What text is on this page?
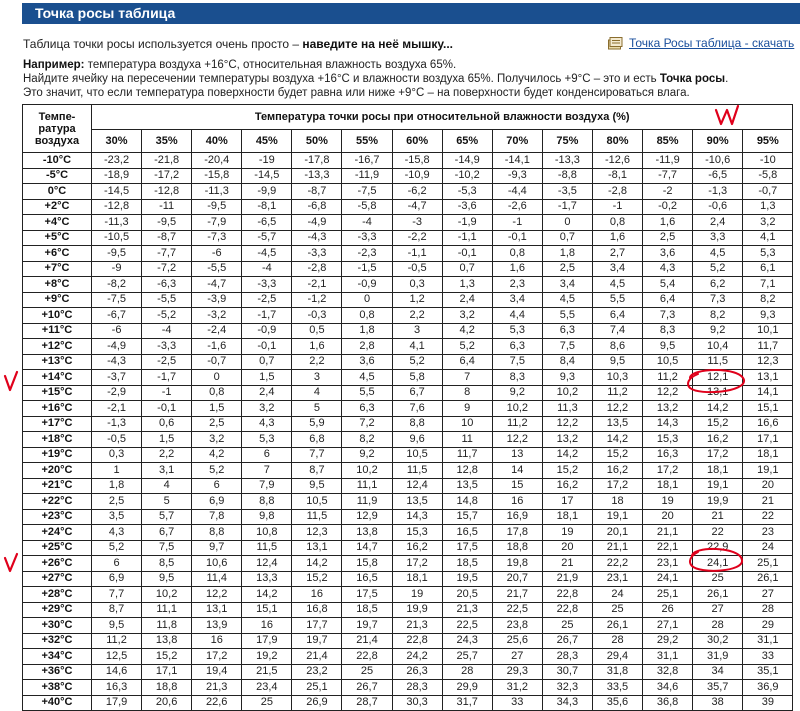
Точка росы таблица
Таблица точки росы используется очень просто – наведите на неё мышку...	Точка Росы таблица - скачать
Например: температура воздуха +16°С, относительная влажность воздуха 65%.
Найдите ячейку на пересечении температуры воздуха +16°С и влажности воздуха 65%. Получилось +9°С – это и есть Точка росы.
Это значит, что если температура поверхности будет равна или ниже +9°С – на поверхности будет конденсироваться влага.
Темпе-
ратура
воздуха	Температура точки росы при относительной влажности воздуха (%)													
	30%	35%	40%	45%	50%	55%	60%	65%	70%	75%	80%	85%	90%	95%
-10°C	-23,2	-21,8	-20,4	-19	-17,8	-16,7	-15,8	-14,9	-14,1	-13,3	-12,6	-11,9	-10,6	-10
-5°C	-18,9	-17,2	-15,8	-14,5	-13,3	-11,9	-10,9	-10,2	-9,3	-8,8	-8,1	-7,7	-6,5	-5,8
0°C	-14,5	-12,8	-11,3	-9,9	-8,7	-7,5	-6,2	-5,3	-4,4	-3,5	-2,8	-2	-1,3	-0,7
+2°C	-12,8	-11	-9,5	-8,1	-6,8	-5,8	-4,7	-3,6	-2,6	-1,7	-1	-0,2	-0,6	1,3
+4°C	-11,3	-9,5	-7,9	-6,5	-4,9	-4	-3	-1,9	-1	0	0,8	1,6	2,4	3,2
+5°C	-10,5	-8,7	-7,3	-5,7	-4,3	-3,3	-2,2	-1,1	-0,1	0,7	1,6	2,5	3,3	4,1
+6°C	-9,5	-7,7	-6	-4,5	-3,3	-2,3	-1,1	-0,1	0,8	1,8	2,7	3,6	4,5	5,3
+7°C	-9	-7,2	-5,5	-4	-2,8	-1,5	-0,5	0,7	1,6	2,5	3,4	4,3	5,2	6,1
+8°C	-8,2	-6,3	-4,7	-3,3	-2,1	-0,9	0,3	1,3	2,3	3,4	4,5	5,4	6,2	7,1
+9°C	-7,5	-5,5	-3,9	-2,5	-1,2	0	1,2	2,4	3,4	4,5	5,5	6,4	7,3	8,2
+10°C	-6,7	-5,2	-3,2	-1,7	-0,3	0,8	2,2	3,2	4,4	5,5	6,4	7,3	8,2	9,3
+11°C	-6	-4	-2,4	-0,9	0,5	1,8	3	4,2	5,3	6,3	7,4	8,3	9,2	10,1
+12°C	-4,9	-3,3	-1,6	-0,1	1,6	2,8	4,1	5,2	6,3	7,5	8,6	9,5	10,4	11,7
+13°C	-4,3	-2,5	-0,7	0,7	2,2	3,6	5,2	6,4	7,5	8,4	9,5	10,5	11,5	12,3
+14°C	-3,7	-1,7	0	1,5	3	4,5	5,8	7	8,3	9,3	10,3	11,2	12,1	13,1
+15°C	-2,9	-1	0,8	2,4	4	5,5	6,7	8	9,2	10,2	11,2	12,2	13,1	14,1
+16°C	-2,1	-0,1	1,5	3,2	5	6,3	7,6	9	10,2	11,3	12,2	13,2	14,2	15,1
+17°C	-1,3	0,6	2,5	4,3	5,9	7,2	8,8	10	11,2	12,2	13,5	14,3	15,2	16,6
+18°C	-0,5	1,5	3,2	5,3	6,8	8,2	9,6	11	12,2	13,2	14,2	15,3	16,2	17,1
+19°C	0,3	2,2	4,2	6	7,7	9,2	10,5	11,7	13	14,2	15,2	16,3	17,2	18,1
+20°C	1	3,1	5,2	7	8,7	10,2	11,5	12,8	14	15,2	16,2	17,2	18,1	19,1
+21°C	1,8	4	6	7,9	9,5	11,1	12,4	13,5	15	16,2	17,2	18,1	19,1	20
+22°C	2,5	5	6,9	8,8	10,5	11,9	13,5	14,8	16	17	18	19	19,9	21
+23°C	3,5	5,7	7,8	9,8	11,5	12,9	14,3	15,7	16,9	18,1	19,1	20	21	22
+24°C	4,3	6,7	8,8	10,8	12,3	13,8	15,3	16,5	17,8	19	20,1	21,1	22	23
+25°C	5,2	7,5	9,7	11,5	13,1	14,7	16,2	17,5	18,8	20	21,1	22,1	22,9	24
+26°C	6	8,5	10,6	12,4	14,2	15,8	17,2	18,5	19,8	21	22,2	23,1	24,1	25,1
+27°C	6,9	9,5	11,4	13,3	15,2	16,5	18,1	19,5	20,7	21,9	23,1	24,1	25	26,1
+28°C	7,7	10,2	12,2	14,2	16	17,5	19	20,5	21,7	22,8	24	25,1	26,1	27
+29°C	8,7	11,1	13,1	15,1	16,8	18,5	19,9	21,3	22,5	22,8	25	26	27	28
+30°C	9,5	11,8	13,9	16	17,7	19,7	21,3	22,5	23,8	25	26,1	27,1	28	29
+32°C	11,2	13,8	16	17,9	19,7	21,4	22,8	24,3	25,6	26,7	28	29,2	30,2	31,1
+34°C	12,5	15,2	17,2	19,2	21,4	22,8	24,2	25,7	27	28,3	29,4	31,1	31,9	33
+36°C	14,6	17,1	19,4	21,5	23,2	25	26,3	28	29,3	30,7	31,8	32,8	34	35,1
+38°C	16,3	18,8	21,3	23,4	25,1	26,7	28,3	29,9	31,2	32,3	33,5	34,6	35,7	36,9
+40°C	17,9	20,6	22,6	25	26,9	28,7	30,3	31,7	33	34,3	35,6	36,8	38	39
